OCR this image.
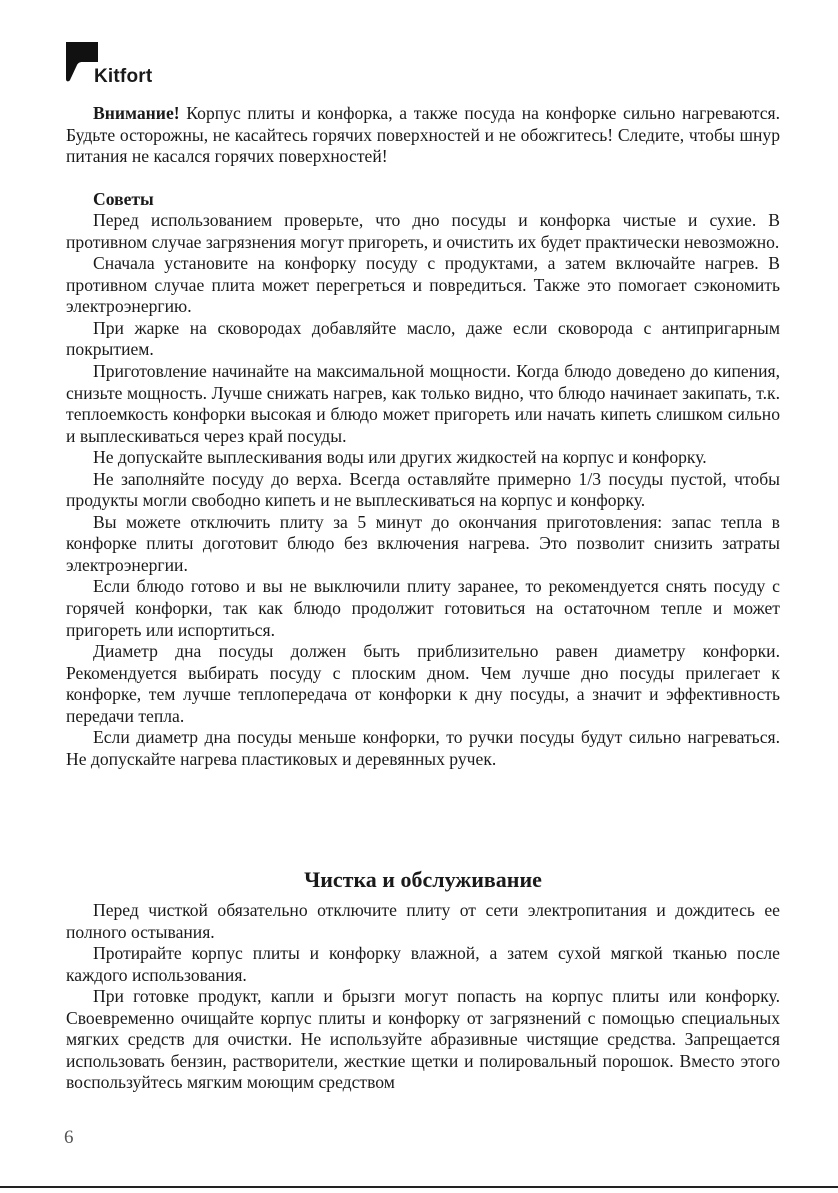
Kitfort

Внимание! Корпус плиты и конфорка, а также посуда на конфорке сильно нагреваются. Будьте осторожны, не касайтесь горячих поверхностей и не обожгитесь! Следите, чтобы шнур питания не касался горячих поверхностей!

Советы

Перед использованием проверьте, что дно посуды и конфорка чистые и сухие. В противном случае загрязнения могут пригореть, и очистить их будет практически невозможно.

Сначала установите на конфорку посуду с продуктами, а затем включайте нагрев. В противном случае плита может перегреться и повредиться. Также это помогает сэкономить электроэнергию.

При жарке на сковородах добавляйте масло, даже если сковорода с антипригарным покрытием.

Приготовление начинайте на максимальной мощности. Когда блюдо доведено до кипения, снизьте мощность. Лучше снижать нагрев, как только видно, что блюдо начинает закипать, т.к. теплоемкость конфорки высокая и блюдо может пригореть или начать кипеть слишком сильно и выплескиваться через край посуды.

Не допускайте выплескивания воды или других жидкостей на корпус и конфорку.

Не заполняйте посуду до верха. Всегда оставляйте примерно 1/3 посуды пустой, чтобы продукты могли свободно кипеть и не выплескиваться на корпус и конфорку.

Вы можете отключить плиту за 5 минут до окончания приготовления: запас тепла в конфорке плиты доготовит блюдо без включения нагрева. Это позволит снизить затраты электроэнергии.

Если блюдо готово и вы не выключили плиту заранее, то рекомендуется снять посуду с горячей конфорки, так как блюдо продолжит готовиться на остаточном тепле и может пригореть или испортиться.

Диаметр дна посуды должен быть приблизительно равен диаметру конфорки. Рекомендуется выбирать посуду с плоским дном. Чем лучше дно посуды прилегает к конфорке, тем лучше теплопередача от конфорки к дну посуды, а значит и эффективность передачи тепла.

Если диаметр дна посуды меньше конфорки, то ручки посуды будут сильно нагреваться. Не допускайте нагрева пластиковых и деревянных ручек.

Чистка и обслуживание

Перед чисткой обязательно отключите плиту от сети электропитания и дождитесь ее полного остывания.

Протирайте корпус плиты и конфорку влажной, а затем сухой мягкой тканью после каждого использования.

При готовке продукт, капли и брызги могут попасть на корпус плиты или конфорку. Своевременно очищайте корпус плиты и конфорку от загрязнений с помощью специальных мягких средств для очистки. Не используйте абразивные чистящие средства. Запрещается использовать бензин, растворители, жесткие щетки и полировальный порошок. Вместо этого воспользуйтесь мягким моющим средством

6
